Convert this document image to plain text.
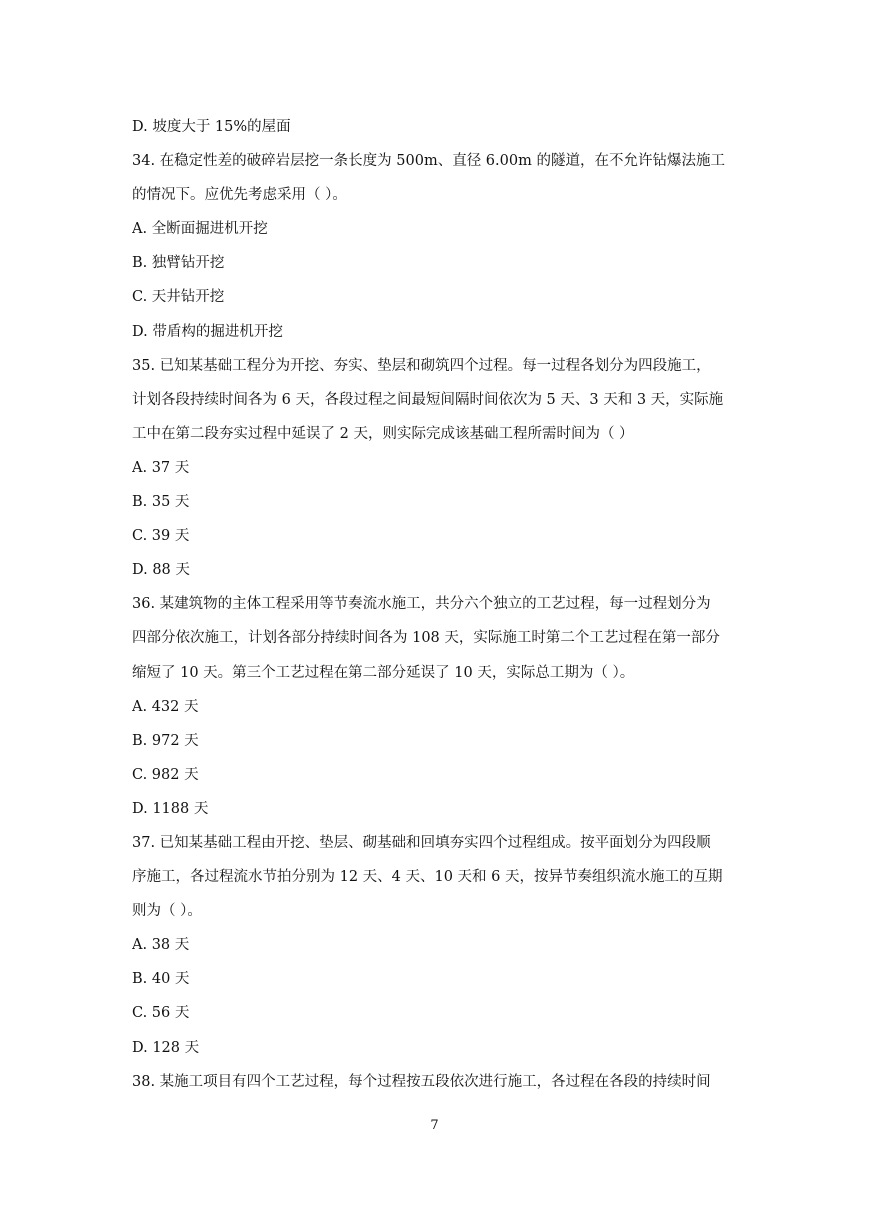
D. 坡度大于 15%的屋面
34. 在稳定性差的破碎岩层挖一条长度为 500m、直径 6.00m 的隧道，在不允许钻爆法施工
的情况下。应优先考虑采用（ ）。
A. 全断面掘进机开挖
B. 独臂钻开挖
C. 天井钻开挖
D. 带盾构的掘进机开挖
35. 已知某基础工程分为开挖、夯实、垫层和砌筑四个过程。每一过程各划分为四段施工，
计划各段持续时间各为 6 天，各段过程之间最短间隔时间依次为 5 天、3 天和 3 天，实际施
工中在第二段夯实过程中延误了 2 天，则实际完成该基础工程所需时间为（ ）
A. 37 天
B. 35 天
C. 39 天
D. 88 天
36. 某建筑物的主体工程采用等节奏流水施工，共分六个独立的工艺过程，每一过程划分为
四部分依次施工，计划各部分持续时间各为 108 天，实际施工时第二个工艺过程在第一部分
缩短了 10 天。第三个工艺过程在第二部分延误了 10 天，实际总工期为（ ）。
A. 432 天
B. 972 天
C. 982 天
D. 1188 天
37. 已知某基础工程由开挖、垫层、砌基础和回填夯实四个过程组成。按平面划分为四段顺
序施工，各过程流水节拍分别为 12 天、4 天、10 天和 6 天，按异节奏组织流水施工的互期
则为（ ）。
A. 38 天
B. 40 天
C. 56 天
D. 128 天
38. 某施工项目有四个工艺过程，每个过程按五段依次进行施工，各过程在各段的持续时间
7
